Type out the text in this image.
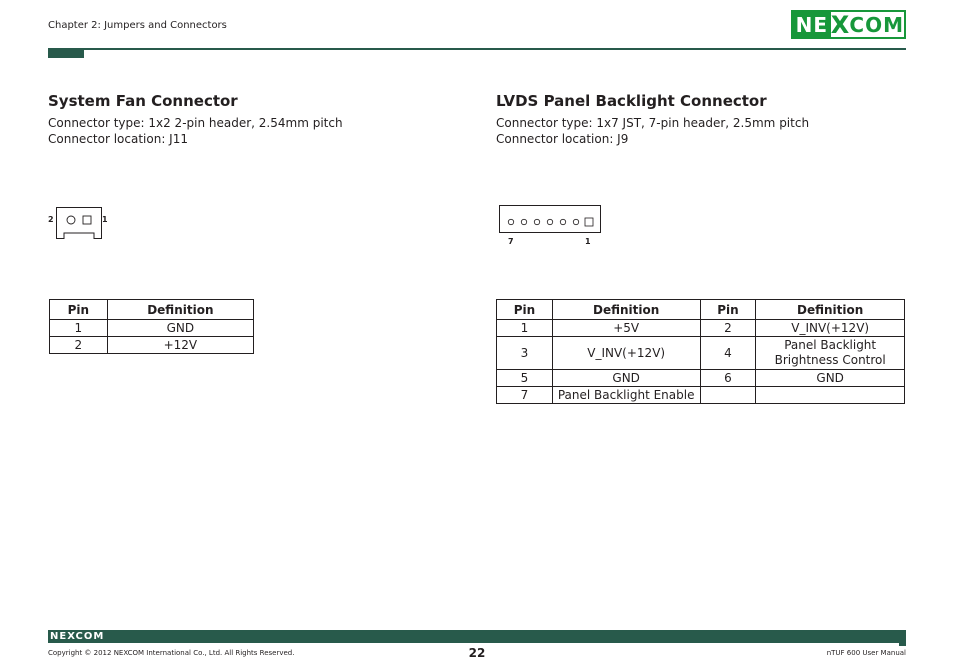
Chapter 2: Jumpers and Connectors	NE X COM
System Fan Connector
Connector type: 1x2 2-pin header, 2.54mm pitch
Connector location: J11
2	1
Pin	Definition
1	GND
2	+12V
LVDS Panel Backlight Connector
Connector type: 1x7 JST, 7-pin header, 2.5mm pitch
Connector location: J9
7	1
Pin	Definition	Pin	Definition
1	+5V	2	V_INV(+12V)
3	V_INV(+12V)	4	Panel Backlight Brightness Control
5	GND	6	GND
7	Panel Backlight Enable		
NEXCOM
Copyright © 2012 NEXCOM International Co., Ltd. All Rights Reserved.	22	nTUF 600 User Manual
